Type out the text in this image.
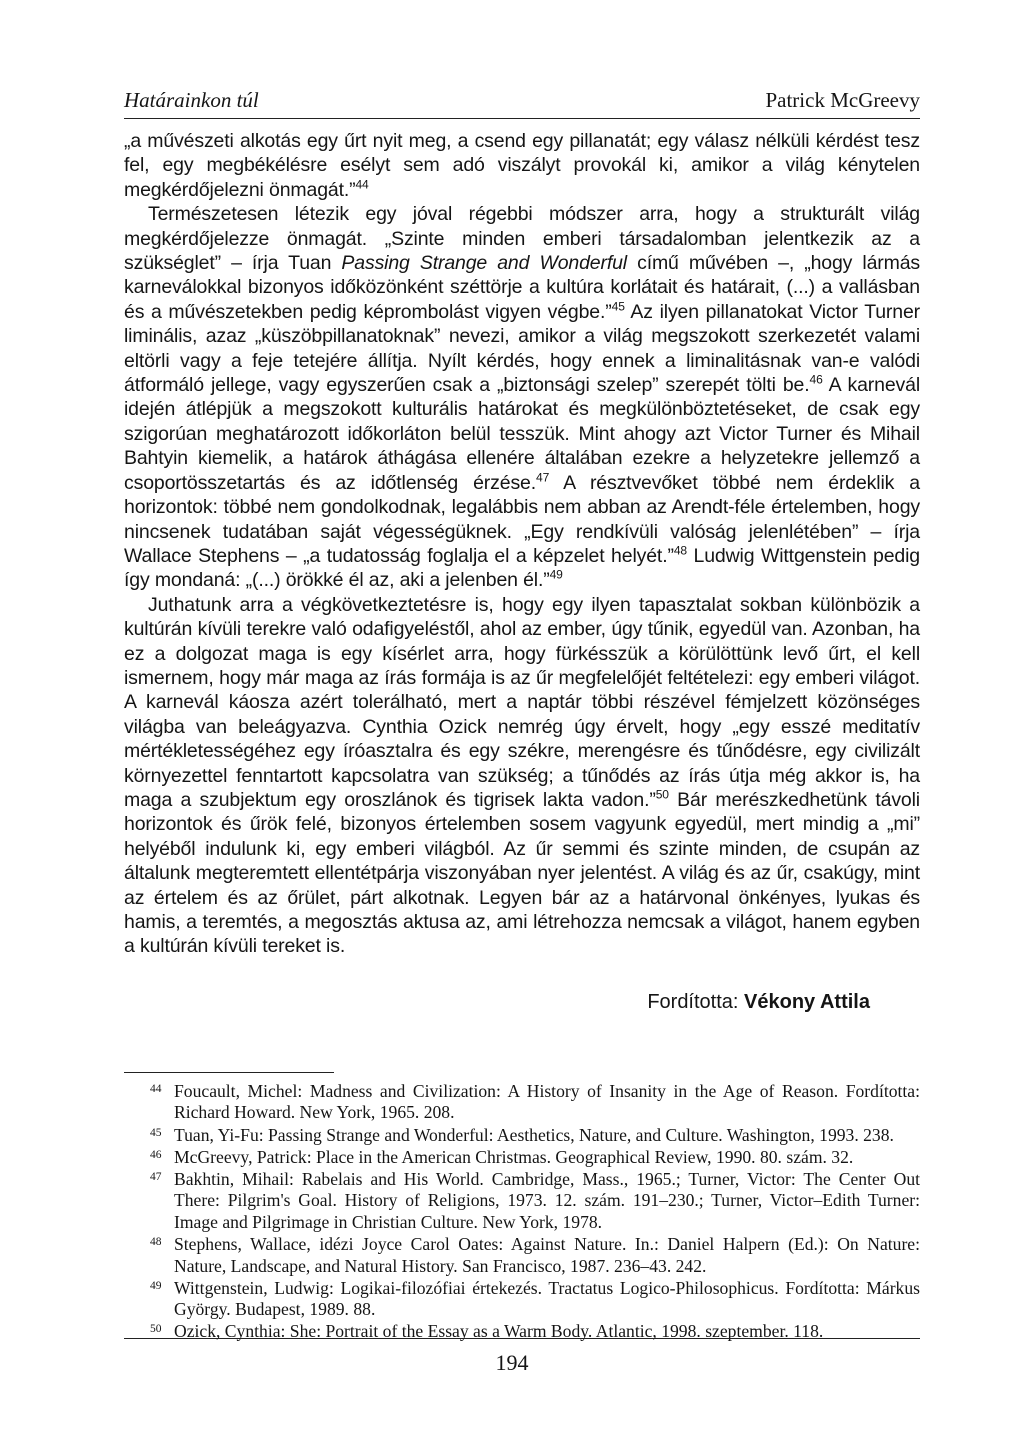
Határainkon túl	Patrick McGreevy

„a művészeti alkotás egy űrt nyit meg, a csend egy pillanatát; egy válasz nélküli kérdést tesz fel, egy megbékélésre esélyt sem adó viszályt provokál ki, amikor a világ kénytelen megkérdőjelezni önmagát.”$^{44}$

Természetesen létezik egy jóval régebbi módszer arra, hogy a strukturált világ megkérdőjelezze önmagát. „Szinte minden emberi társadalomban jelentkezik az a szükséglet” – írja Tuan Passing Strange and Wonderful című művében –, „hogy lármás karneválokkal bizonyos időközönként széttörje a kultúra korlátait és határait, (...) a vallásban és a művészetekben pedig képrombolást vigyen végbe.”$^{45}$ Az ilyen pillanatokat Victor Turner liminális, azaz „küszöbpillanatoknak” nevezi, amikor a világ megszokott szerkezetét valami eltörli vagy a feje tetejére állítja. Nyílt kérdés, hogy ennek a liminalitásnak van-e valódi átformáló jellege, vagy egyszerűen csak a „biztonsági szelep” szerepét tölti be.$^{46}$ A karnevál idején átlépjük a megszokott kulturális határokat és megkülönböztetéseket, de csak egy szigorúan meghatározott időkorláton belül tesszük. Mint ahogy azt Victor Turner és Mihail Bahtyin kiemelik, a határok áthágása ellenére általában ezekre a helyzetekre jellemző a csoportösszetartás és az időtlenség érzése.$^{47}$ A résztvevőket többé nem érdeklik a horizontok: többé nem gondolkodnak, legalábbis nem abban az Arendt-féle értelemben, hogy nincsenek tudatában saját végességüknek. „Egy rendkívüli valóság jelenlétében” – írja Wallace Stephens – „a tudatosság foglalja el a képzelet helyét.”$^{48}$ Ludwig Wittgenstein pedig így mondaná: „(...) örökké él az, aki a jelenben él.”$^{49}$

Juthatunk arra a végkövetkeztetésre is, hogy egy ilyen tapasztalat sokban különbözik a kultúrán kívüli terekre való odafigyeléstől, ahol az ember, úgy tűnik, egyedül van. Azonban, ha ez a dolgozat maga is egy kísérlet arra, hogy fürkésszük a körülöttünk levő űrt, el kell ismernem, hogy már maga az írás formája is az űr megfelelőjét feltételezi: egy emberi világot. A karnevál káosza azért tolerálható, mert a naptár többi részével fémjelzett közönséges világba van beleágyazva. Cynthia Ozick nemrég úgy érvelt, hogy „egy esszé meditatív mértékletességéhez egy íróasztalra és egy székre, merengésre és tűnődésre, egy civilizált környezettel fenntartott kapcsolatra van szükség; a tűnődés az írás útja még akkor is, ha maga a szubjektum egy oroszlánok és tigrisek lakta vadon.”$^{50}$ Bár merészkedhetünk távoli horizontok és űrök felé, bizonyos értelemben sosem vagyunk egyedül, mert mindig a „mi” helyéből indulunk ki, egy emberi világból. Az űr semmi és szinte minden, de csupán az általunk megteremtett ellentétpárja viszonyában nyer jelentést. A világ és az űr, csakúgy, mint az értelem és az őrület, párt alkotnak. Legyen bár az a határvonal önkényes, lyukas és hamis, a teremtés, a megosztás aktusa az, ami létrehozza nemcsak a világot, hanem egyben a kultúrán kívüli tereket is.

Fordította: Vékony Attila
44 Foucault, Michel: Madness and Civilization: A History of Insanity in the Age of Reason. Fordította: Richard Howard. New York, 1965. 208.
45 Tuan, Yi-Fu: Passing Strange and Wonderful: Aesthetics, Nature, and Culture. Washington, 1993. 238.
46 McGreevy, Patrick: Place in the American Christmas. Geographical Review, 1990. 80. szám. 32.
47 Bakhtin, Mihail: Rabelais and His World. Cambridge, Mass., 1965.; Turner, Victor: The Center Out There: Pilgrim's Goal. History of Religions, 1973. 12. szám. 191–230.; Turner, Victor–Edith Turner: Image and Pilgrimage in Christian Culture. New York, 1978.
48 Stephens, Wallace, idézi Joyce Carol Oates: Against Nature. In.: Daniel Halpern (Ed.): On Nature: Nature, Landscape, and Natural History. San Francisco, 1987. 236–43. 242.
49 Wittgenstein, Ludwig: Logikai-filozófiai értekezés. Tractatus Logico-Philosophicus. Fordította: Márkus György. Budapest, 1989. 88.
50 Ozick, Cynthia: She: Portrait of the Essay as a Warm Body. Atlantic, 1998. szeptember. 118.
194
